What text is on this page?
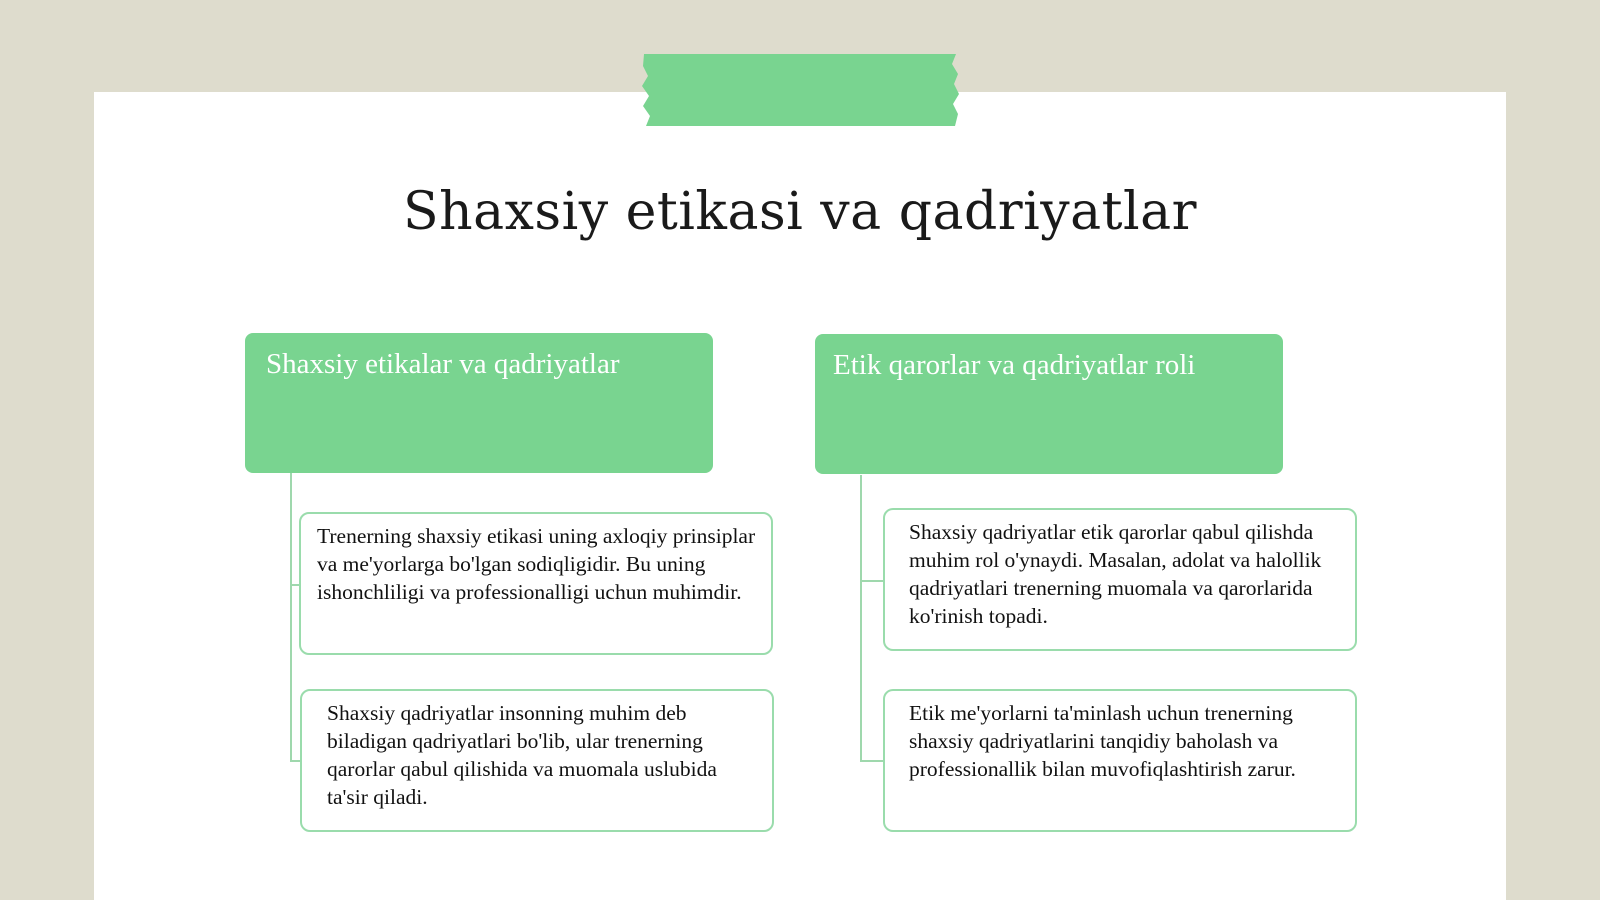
Shaxsiy etikasi va qadriyatlar
Shaxsiy etikalar va qadriyatlar
Trenerning shaxsiy etikasi uning axloqiy prinsiplar va me'yorlarga bo'lgan sodiqligidir. Bu uning ishonchliligi va professionalligi uchun muhimdir.
Shaxsiy qadriyatlar insonning muhim deb biladigan qadriyatlari bo'lib, ular trenerning qarorlar qabul qilishida va muomala uslubida ta'sir qiladi.
Etik qarorlar va qadriyatlar roli
Shaxsiy qadriyatlar etik qarorlar qabul qilishda muhim rol o'ynaydi. Masalan, adolat va halollik qadriyatlari trenerning muomala va qarorlarida ko'rinish topadi.
Etik me'yorlarni ta'minlash uchun trenerning shaxsiy qadriyatlarini tanqidiy baholash va professionallik bilan muvofiqlashtirish zarur.
